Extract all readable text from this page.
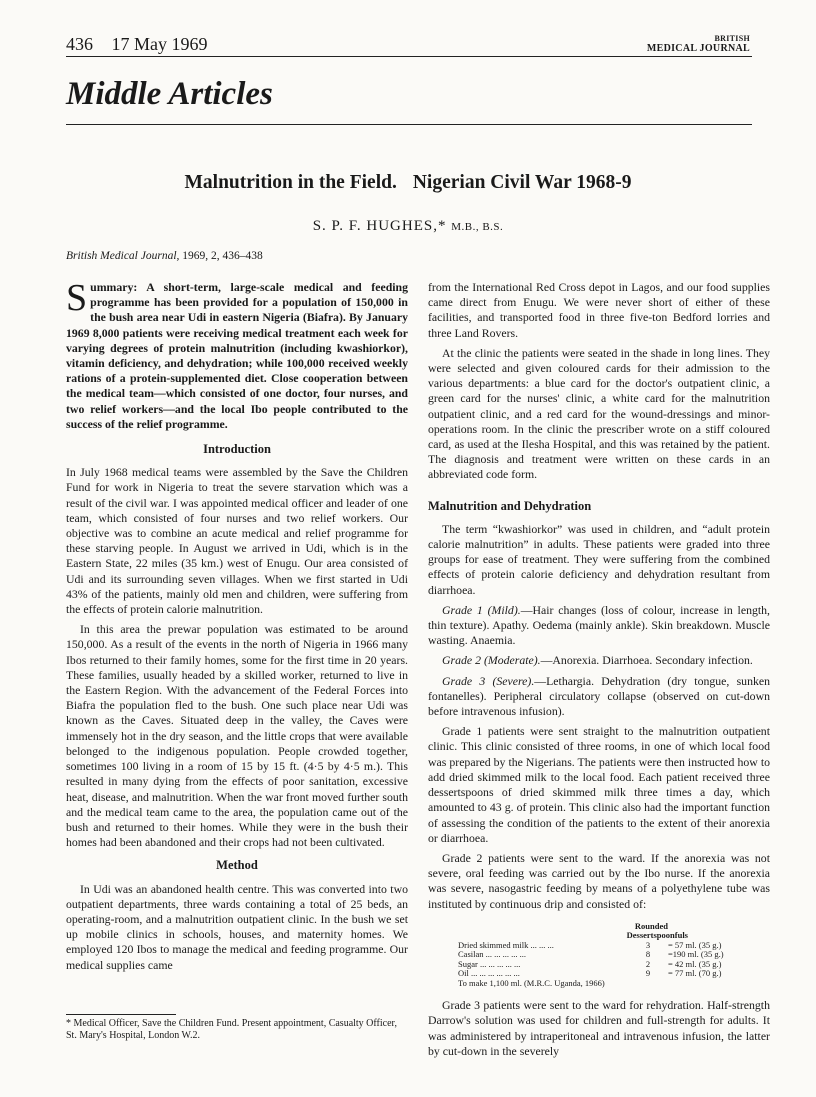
436 17 May 1969	BRITISH
MEDICAL JOURNAL
Middle Articles
Malnutrition in the Field. Nigerian Civil War 1968-9
S. P. F. HUGHES,* M.B., B.S.
British Medical Journal, 1969, 2, 436–438

Summary: A short-term, large-scale medical and feeding programme has been provided for a population of 150,000 in the bush area near Udi in eastern Nigeria (Biafra). By January 1969 8,000 patients were receiving medical treatment each week for varying degrees of protein malnutrition (including kwashiorkor), vitamin deficiency, and dehydration; while 100,000 received weekly rations of a protein-supplemented diet. Close cooperation between the medical team—which consisted of one doctor, four nurses, and two relief workers—and the local Ibo people contributed to the success of the relief programme.

Introduction

In July 1968 medical teams were assembled by the Save the Children Fund for work in Nigeria to treat the severe starvation which was a result of the civil war. I was appointed medical officer and leader of one team, which consisted of four nurses and two relief workers. Our objective was to combine an acute medical and relief programme for these starving people. In August we arrived in Udi, which is in the Eastern State, 22 miles (35 km.) west of Enugu. Our area consisted of Udi and its surrounding seven villages. When we first started in Udi 43% of the patients, mainly old men and children, were suffering from the effects of protein calorie malnutrition.

In this area the prewar population was estimated to be around 150,000. As a result of the events in the north of Nigeria in 1966 many Ibos returned to their family homes, some for the first time in 20 years. These families, usually headed by a skilled worker, returned to live in the Eastern Region. With the advancement of the Federal Forces into Biafra the population fled to the bush. One such place near Udi was known as the Caves. Situated deep in the valley, the Caves were immensely hot in the dry season, and the little crops that were available belonged to the indigenous population. People crowded together, sometimes 100 living in a room of 15 by 15 ft. (4·5 by 4·5 m.). This resulted in many dying from the effects of poor sanitation, excessive heat, disease, and malnutrition. When the war front moved further south and the medical team came to the area, the population came out of the bush and returned to their homes. While they were in the bush their homes had been abandoned and their crops had not been cultivated.

Method

In Udi was an abandoned health centre. This was converted into two outpatient departments, three wards containing a total of 25 beds, an operating-room, and a malnutrition outpatient clinic. In the bush we set up mobile clinics in schools, houses, and maternity homes. We employed 120 Ibos to manage the medical and feeding programme. Our medical supplies came

* Medical Officer, Save the Children Fund. Present appointment, Casualty Officer, St. Mary's Hospital, London W.2.

from the International Red Cross depot in Lagos, and our food supplies came direct from Enugu. We were never short of either of these facilities, and transported food in three five-ton Bedford lorries and three Land Rovers.

At the clinic the patients were seated in the shade in long lines. They were selected and given coloured cards for their admission to the various departments: a blue card for the doctor's outpatient clinic, a green card for the nurses' clinic, a white card for the malnutrition outpatient clinic, and a red card for the wound-dressings and minor-operations room. In the clinic the prescriber wrote on a stiff coloured card, as used at the Ilesha Hospital, and this was retained by the patient. The diagnosis and treatment were written on these cards in an abbreviated code form.

Malnutrition and Dehydration

The term “kwashiorkor” was used in children, and “adult protein calorie malnutrition” in adults. These patients were graded into three groups for ease of treatment. They were suffering from the combined effects of protein calorie deficiency and dehydration resultant from diarrhoea.

Grade 1 (Mild).—Hair changes (loss of colour, increase in length, thin texture). Apathy. Oedema (mainly ankle). Skin breakdown. Muscle wasting. Anaemia.

Grade 2 (Moderate).—Anorexia. Diarrhoea. Secondary infection.

Grade 3 (Severe).—Lethargia. Dehydration (dry tongue, sunken fontanelles). Peripheral circulatory collapse (observed on cut-down before intravenous infusion).

Grade 1 patients were sent straight to the malnutrition outpatient clinic. This clinic consisted of three rooms, in one of which local food was prepared by the Nigerians. The patients were then instructed how to add dried skimmed milk to the local food. Each patient received three dessertspoons of dried skimmed milk three times a day, which amounted to 43 g. of protein. This clinic also had the important function of assessing the condition of the patients to the extent of their anorexia or diarrhoea.

Grade 2 patients were sent to the ward. If the anorexia was not severe, oral feeding was carried out by the Ibo nurse. If the anorexia was severe, nasogastric feeding by means of a polyethylene tube was instituted by continuous drip and consisted of:

Rounded
Dessertspoonfuls
Dried skimmed milk ... ... ...	3	= 57 ml. (35 g.)
Casilan ... ... ... ... ...	8	=190 ml. (35 g.)
Sugar ... ... ... ... ...	2	= 42 ml. (35 g.)
Oil ... ... ... ... ... ...	9	= 77 ml. (70 g.)
To make 1,100 ml. (M.R.C. Uganda, 1966)

Grade 3 patients were sent to the ward for rehydration. Half-strength Darrow's solution was used for children and full-strength for adults. It was administered by intraperitoneal and intravenous infusion, the latter by cut-down in the severely
